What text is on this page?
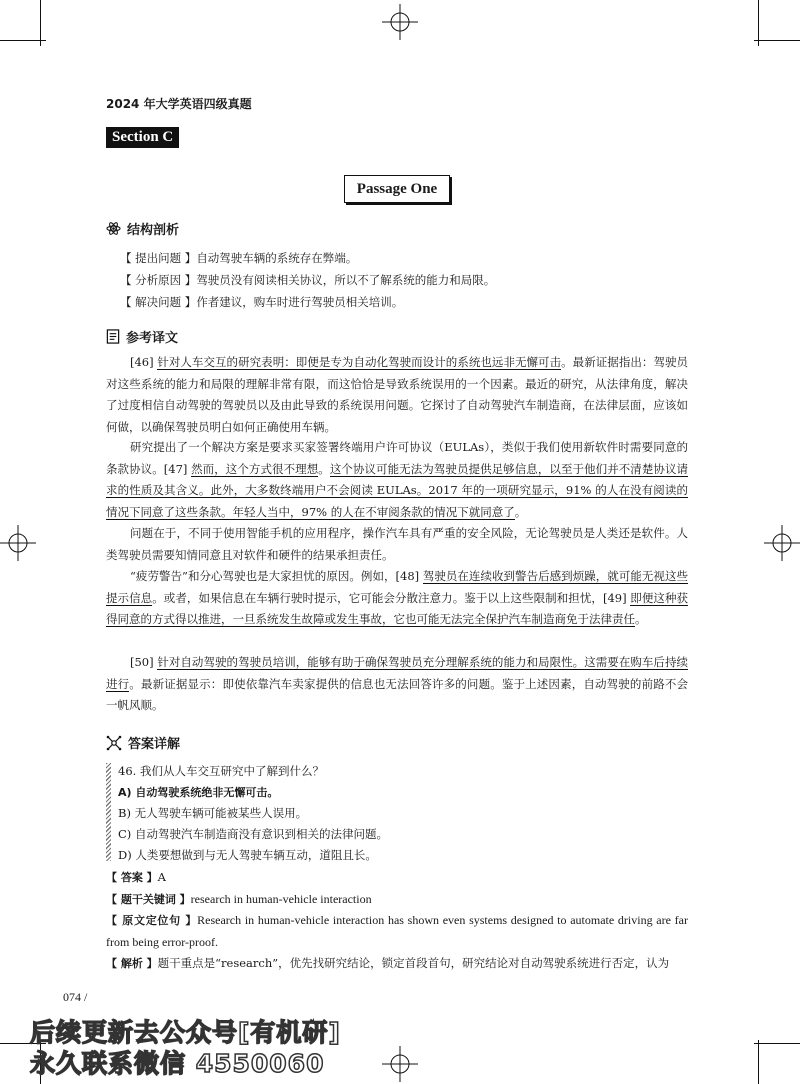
2024 年大学英语四级真题
Section C
Passage One
结构剖析
【 提出问题 】自动驾驶车辆的系统存在弊端。
【 分析原因 】驾驶员没有阅读相关协议，所以不了解系统的能力和局限。
【 解决问题 】作者建议，购车时进行驾驶员相关培训。
参考译文

[46] 针对人车交互的研究表明：即便是专为自动化驾驶而设计的系统也远非无懈可击。最新证据指出：驾驶员对这些系统的能力和局限的理解非常有限，而这恰恰是导致系统误用的一个因素。最近的研究，从法律角度，解决了过度相信自动驾驶的驾驶员以及由此导致的系统误用问题。它探讨了自动驾驶汽车制造商，在法律层面，应该如何做，以确保驾驶员明白如何正确使用车辆。

研究提出了一个解决方案是要求买家签署终端用户许可协议（EULAs），类似于我们使用新软件时需要同意的条款协议。[47] 然而，这个方式很不理想。这个协议可能无法为驾驶员提供足够信息，以至于他们并不清楚协议请求的性质及其含义。此外，大多数终端用户不会阅读 EULAs。2017 年的一项研究显示，91% 的人在没有阅读的情况下同意了这些条款。年轻人当中，97% 的人在不审阅条款的情况下就同意了。

问题在于，不同于使用智能手机的应用程序，操作汽车具有严重的安全风险，无论驾驶员是人类还是软件。人类驾驶员需要知情同意且对软件和硬件的结果承担责任。

“疲劳警告”和分心驾驶也是大家担忧的原因。例如，[48] 驾驶员在连续收到警告后感到烦躁，就可能无视这些提示信息。或者，如果信息在车辆行驶时提示，它可能会分散注意力。鉴于以上这些限制和担忧，[49] 即便这种获得同意的方式得以推进，一旦系统发生故障或发生事故，它也可能无法完全保护汽车制造商免于法律责任。

[50] 针对自动驾驶的驾驶员培训，能够有助于确保驾驶员充分理解系统的能力和局限性。这需要在购车后持续进行。最新证据显示：即使依靠汽车卖家提供的信息也无法回答许多的问题。鉴于上述因素，自动驾驶的前路不会一帆风顺。

答案详解
46. 我们从人车交互研究中了解到什么？
A) 自动驾驶系统绝非无懈可击。
B) 无人驾驶车辆可能被某些人误用。
C) 自动驾驶汽车制造商没有意识到相关的法律问题。
D) 人类要想做到与无人驾驶车辆互动，道阻且长。

【 答案 】A

【 题干关键词 】research in human-vehicle interaction

【 原文定位句 】Research in human-vehicle interaction has shown even systems designed to automate driving are far from being error-proof.

【 解析 】题干重点是“research”，优先找研究结论，锁定首段首句，研究结论对自动驾驶系统进行否定，认为

074 /
后续更新去公众号[有机研]
永久联系微信 4550060
